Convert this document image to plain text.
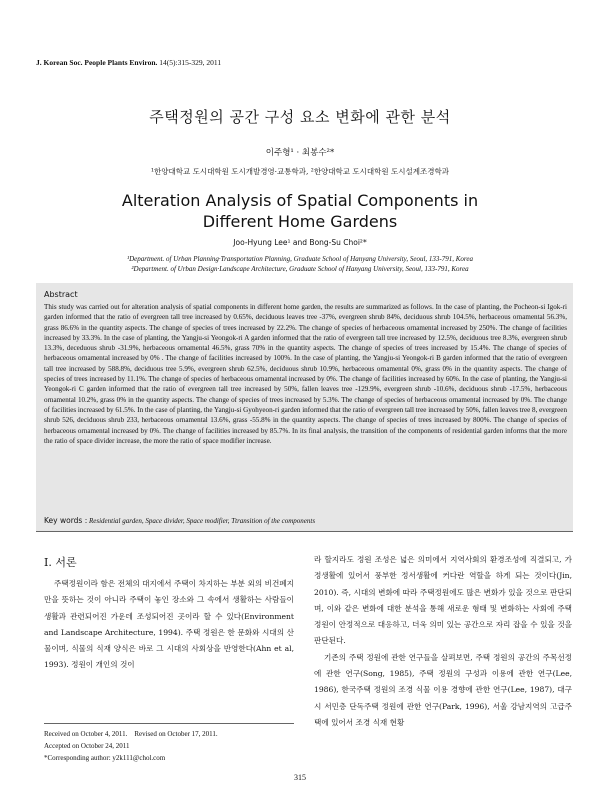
J. Korean Soc. People Plants Environ. 14(5):315-329, 2011
주택정원의 공간 구성 요소 변화에 관한 분석
이주형¹ · 최봉수²*
¹한양대학교 도시대학원 도시개발경영·교통학과, ²한양대학교 도시대학원 도시설계조경학과
Alteration Analysis of Spatial Components in
Different Home Gardens
Joo-Hyung Lee¹ and Bong-Su Choi²*
¹Department. of Urban Planning·Transportation Planning, Graduate School of Hanyang University, Seoul, 133-791, Korea
²Department. of Urban Design·Landscape Architecture, Graduate School of Hanyang University, Seoul, 133-791, Korea
Abstract
This study was carried out for alteration analysis of spatial components in different home garden, the results are summarized as follows. In the case of planting, the Pocheon-si Igok-ri garden informed that the ratio of evergreen tall tree increased by 0.65%, deciduous leaves tree -37%, evergreen shrub 84%, deciduous shrub 104.5%, herbaceous ornamental 56.3%, grass 86.6% in the quantity aspects. The change of species of trees increased by 22.2%. The change of species of herbaceous ornamental increased by 250%. The change of facilities increased by 33.3%. In the case of planting, the Yangju-si Yeongok-ri A garden informed that the ratio of evergreen tall tree increased by 12.5%, deciduous tree 8.3%, evergreen shrub 13.3%, deceduous shrub -31.9%, herbaceous ornamental 46.5%, grass 70% in the quantity aspects. The change of species of trees increased by 15.4%. The change of species of herbaceous ornamental increased by 0% . The change of facilities increased by 100%. In the case of planting, the Yangju-si Yeongok-ri B garden informed that the ratio of evergreen tall tree increased by 588.8%, deciduous tree 5.9%, evergreen shrub 62.5%, deciduous shrub 10.9%, herbaceous ornamental 0%, grass 0% in the quantity aspects. The change of species of trees increased by 11.1%. The change of species of herbaceous ornamental increased by 0%. The change of facilities increased by 60%. In the case of planting, the Yangju-si Yeongok-ri C garden informed that the ratio of evergreen tall tree increased by 50%, fallen leaves tree -129.9%, evergreen shrub -10.6%, deciduous shrub -17.5%, herbaceous ornamental 10.2%, grass 0% in the quantity aspects. The change of species of trees increased by 5.3%. The change of species of herbaceous ornamental increased by 0%. The change of facilities increased by 61.5%. In the case of planting, the Yangju-si Gyohyeon-ri garden informed that the ratio of evergreen tall tree increased by 50%, fallen leaves tree 8, evergreen shrub 526, deciduous shrub 233, herbaceous ornamental 13.6%, grass -55.8% in the quantity aspects. The change of species of trees increased by 800%. The change of species of herbaceous ornamental increased by 0%. The change of facilities increased by 85.7%. In its final analysis, the transition of the components of residential garden informs that the more the ratio of space divider increase, the more the ratio of space modifier increase.
Key words : Residential garden, Space divider, Space modifier, Ttransition of the components
Ⅰ. 서론
주택정원이라 함은 전체의 대지에서 주택이 차지하는 부분 외의 비건폐지 만을 뜻하는 것이 아니라 주택이 놓인 장소와 그 속에서 생활하는 사람들이 생활과 관련되어진 가운데 조성되어진 곳이라 할 수 있다(Environment and Landscape Architecture, 1994). 주택 정원은 한 문화와 시대의 산물이며, 식물의 식재 양식은 바로 그 시대의 사회상을 반영한다(Ahn et al, 1993). 정원이 개인의 것이

라 할지라도 정원 조성은 넓은 의미에서 지역사회의 환경조성에 직결되고, 가정생활에 있어서 풍부한 정서생활에 커다란 역할을 하게 되는 것이다(Jin, 2010). 즉, 시대의 변화에 따라 주택정원에도 많은 변화가 있을 것으로 판단되며, 이와 같은 변화에 대한 분석을 통해 새로운 형태 및 변화하는 사회에 주택정원이 안정적으로 대응하고, 더욱 의미 있는 공간으로 자리 잡을 수 있을 것을 판단된다.

기존의 주택 정원에 관한 연구들을 살펴보면, 주택 정원의 공간의 주목선정에 관한 연구(Song, 1985), 주택 정원의 구성과 이용에 관한 연구(Lee, 1986), 한국주택 정원의 조경 식물 이용 경향에 관한 연구(Lee, 1987), 대구시 서민층 단독주택 정원에 관한 연구(Park, 1996), 서울 강남지역의 고급주택에 있어서 조경 식재 현황

Received on October 4, 2011.    Revised on October 17, 2011.
Accepted on October 24, 2011
*Corresponding author: y2k111@chol.com
315
